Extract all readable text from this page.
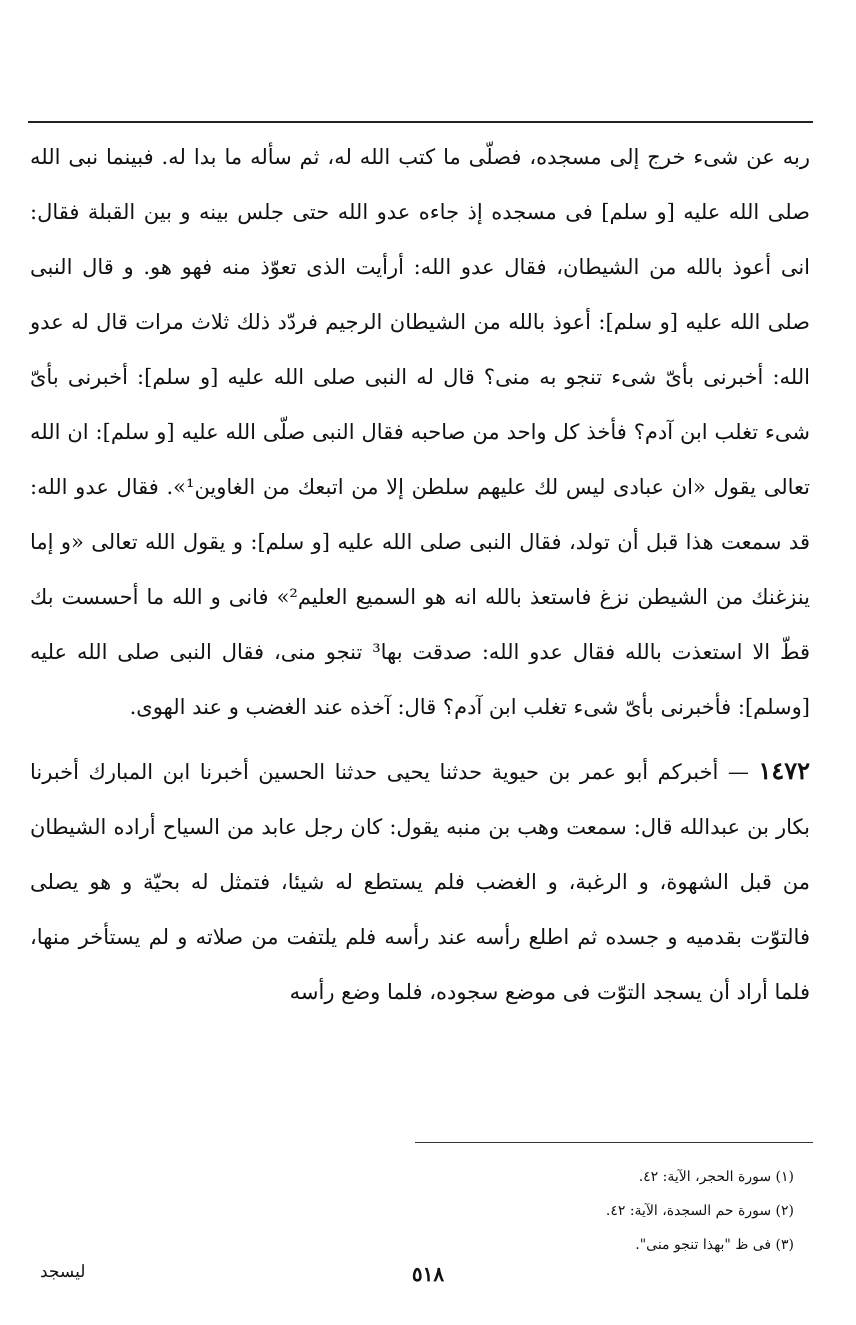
ربه عن شیء خرج إلی مسجده، فصلّی ما کتب الله له، ثم سأله ما بدا له. فبینما نبی الله صلی الله علیه [و سلم] فی مسجده إذ جاءه عدو الله حتی جلس بینه و بین القبلة فقال: انی أعوذ بالله من الشیطان، فقال عدو الله: أرأیت الذی تعوّذ منه فهو هو. و قال النبی صلی الله علیه [و سلم]: أعوذ بالله من الشیطان الرجیم فردّد ذلك ثلاث مرات قال له عدو الله: أخبرنی بأیّ شیء تنجو به منی؟ قال له النبی صلی الله علیه [و سلم]: أخبرنی بأیّ شیء تغلب ابن آدم؟ فأخذ کل واحد من صاحبه فقال النبی صلّی الله علیه [و سلم]: ان الله تعالی یقول «ان عبادی لیس لك علیهم سلطن إلا من اتبعك من الغاوین¹». فقال عدو الله: قد سمعت هذا قبل أن تولد، فقال النبی صلی الله علیه [و سلم]: و یقول الله تعالی «و إما ینزغنك من الشیطن نزغ فاستعذ بالله انه هو السمیع العلیم²» فانی و الله ما أحسست بك قطّ الا استعذت بالله فقال عدو الله: صدقت بها³ تنجو منی، فقال النبی صلی الله علیه [وسلم]: فأخبرنی بأیّ شیء تغلب ابن آدم؟ قال: آخذه عند الغضب و عند الهوی.

١٤٧٢ — أخبركم أبو عمر بن حیویة حدثنا یحیی حدثنا الحسین أخبرنا ابن المبارك أخبرنا بكار بن عبدالله قال: سمعت وهب بن منبه یقول: كان رجل عابد من السیاح أراده الشیطان من قبل الشهوة، و الرغبة، و الغضب فلم یستطع له شیئا، فتمثل له بحیّة و هو یصلی فالتوّت بقدمیه و جسده ثم اطلع رأسه عند رأسه فلم یلتفت من صلاته و لم یستأخر منها، فلما أراد أن یسجد التوّت فی موضع سجوده، فلما وضع رأسه

(١) سورة الحجر، الآیة: ٤٢.

(٢) سورة حم السجدة، الآیة: ٤٢.

(٣) فی ظ "بهذا تنجو منی".

٥١٨
لیسجد
